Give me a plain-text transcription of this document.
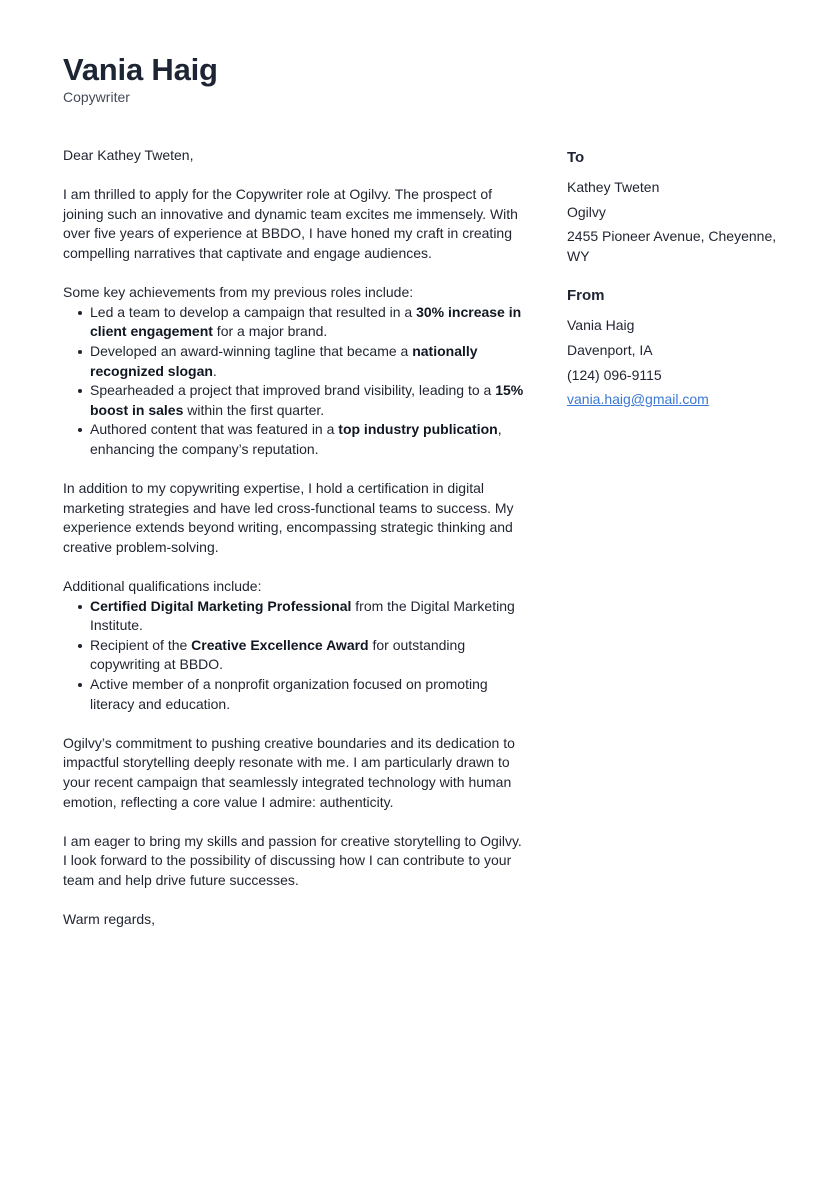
Vania Haig
Copywriter

Dear Kathey Tweten,

I am thrilled to apply for the Copywriter role at Ogilvy. The prospect of joining such an innovative and dynamic team excites me immensely. With over five years of experience at BBDO, I have honed my craft in creating compelling narratives that captivate and engage audiences.

Some key achievements from my previous roles include:

Led a team to develop a campaign that resulted in a 30% increase in client engagement for a major brand.
Developed an award-winning tagline that became a nationally recognized slogan.
Spearheaded a project that improved brand visibility, leading to a 15% boost in sales within the first quarter.
Authored content that was featured in a top industry publication, enhancing the company’s reputation.

In addition to my copywriting expertise, I hold a certification in digital marketing strategies and have led cross-functional teams to success. My experience extends beyond writing, encompassing strategic thinking and creative problem-solving.

Additional qualifications include:

Certified Digital Marketing Professional from the Digital Marketing Institute.
Recipient of the Creative Excellence Award for outstanding copywriting at BBDO.
Active member of a nonprofit organization focused on promoting literacy and education.

Ogilvy’s commitment to pushing creative boundaries and its dedication to impactful storytelling deeply resonate with me. I am particularly drawn to your recent campaign that seamlessly integrated technology with human emotion, reflecting a core value I admire: authenticity.

I am eager to bring my skills and passion for creative storytelling to Ogilvy. I look forward to the possibility of discussing how I can contribute to your team and help drive future successes.

Warm regards,

To
Kathey Tweten
Ogilvy
2455 Pioneer Avenue, Cheyenne, WY
From
Vania Haig
Davenport, IA
(124) 096-9115
vania.haig@gmail.com
